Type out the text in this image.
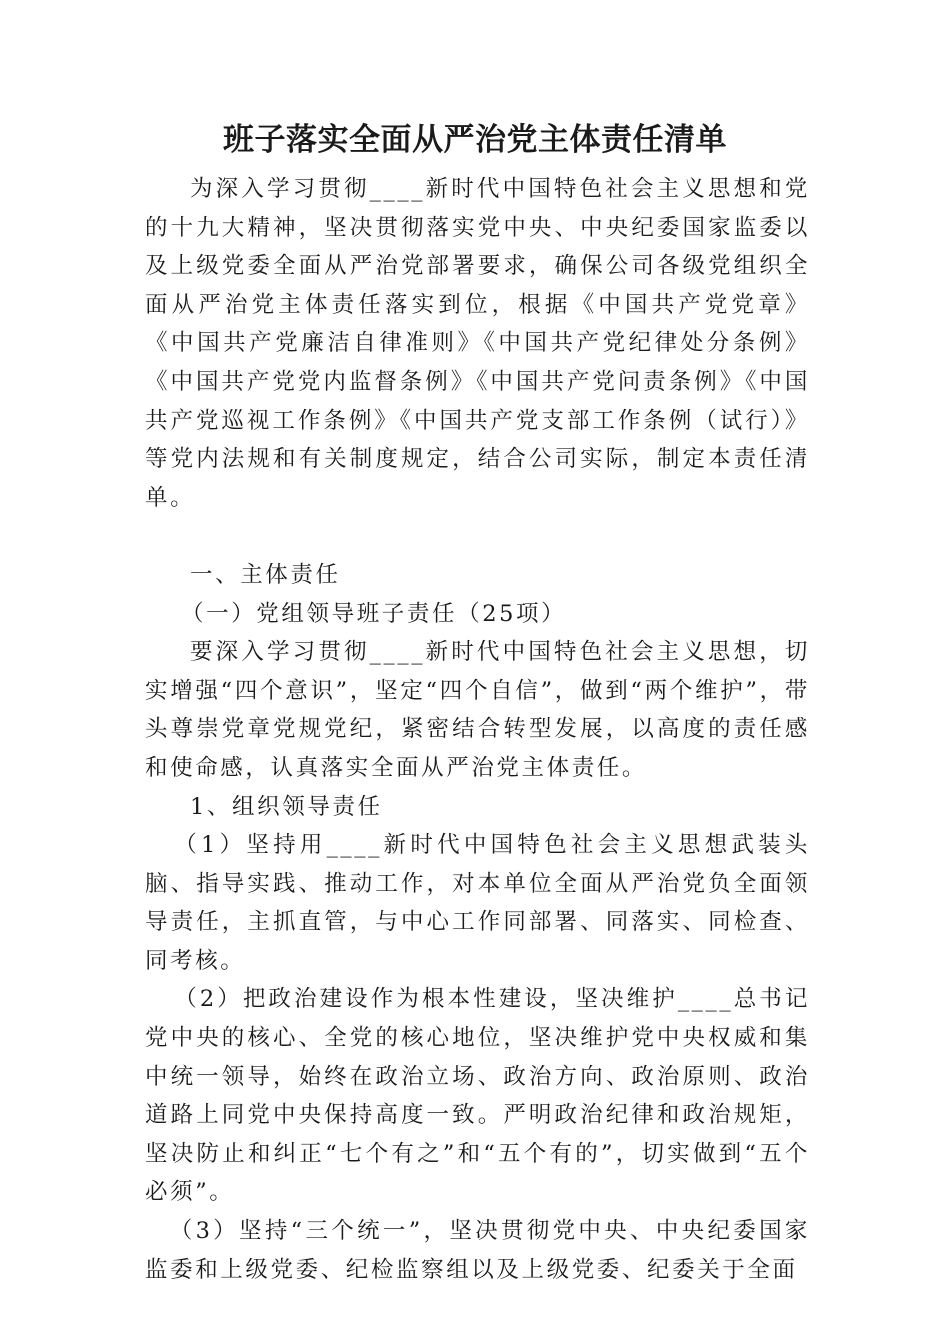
班子落实全面从严治党主体责任清单

为深入学习贯彻____新时代中国特色社会主义思想和党的十九大精神，坚决贯彻落实党中央、中央纪委国家监委以及上级党委全面从严治党部署要求，确保公司各级党组织全面从严治党主体责任落实到位，根据《中国共产党党章》《中国共产党廉洁自律准则》《中国共产党纪律处分条例》《中国共产党党内监督条例》《中国共产党问责条例》《中国共产党巡视工作条例》《中国共产党支部工作条例（试行）》等党内法规和有关制度规定，结合公司实际，制定本责任清单。

一、主体责任

（一）党组领导班子责任（25项）

要深入学习贯彻____新时代中国特色社会主义思想，切实增强“四个意识”，坚定“四个自信”，做到“两个维护”，带头尊崇党章党规党纪，紧密结合转型发展，以高度的责任感和使命感，认真落实全面从严治党主体责任。

1、组织领导责任

（1）坚持用____新时代中国特色社会主义思想武装头脑、指导实践、推动工作，对本单位全面从严治党负全面领导责任，主抓直管，与中心工作同部署、同落实、同检查、同考核。

（2）把政治建设作为根本性建设，坚决维护____总书记党中央的核心、全党的核心地位，坚决维护党中央权威和集中统一领导，始终在政治立场、政治方向、政治原则、政治道路上同党中央保持高度一致。严明政治纪律和政治规矩，坚决防止和纠正“七个有之”和“五个有的”，切实做到“五个必须”。

（3）坚持“三个统一”，坚决贯彻党中央、中央纪委国家监委和上级党委、纪检监察组以及上级党委、纪委关于全面
